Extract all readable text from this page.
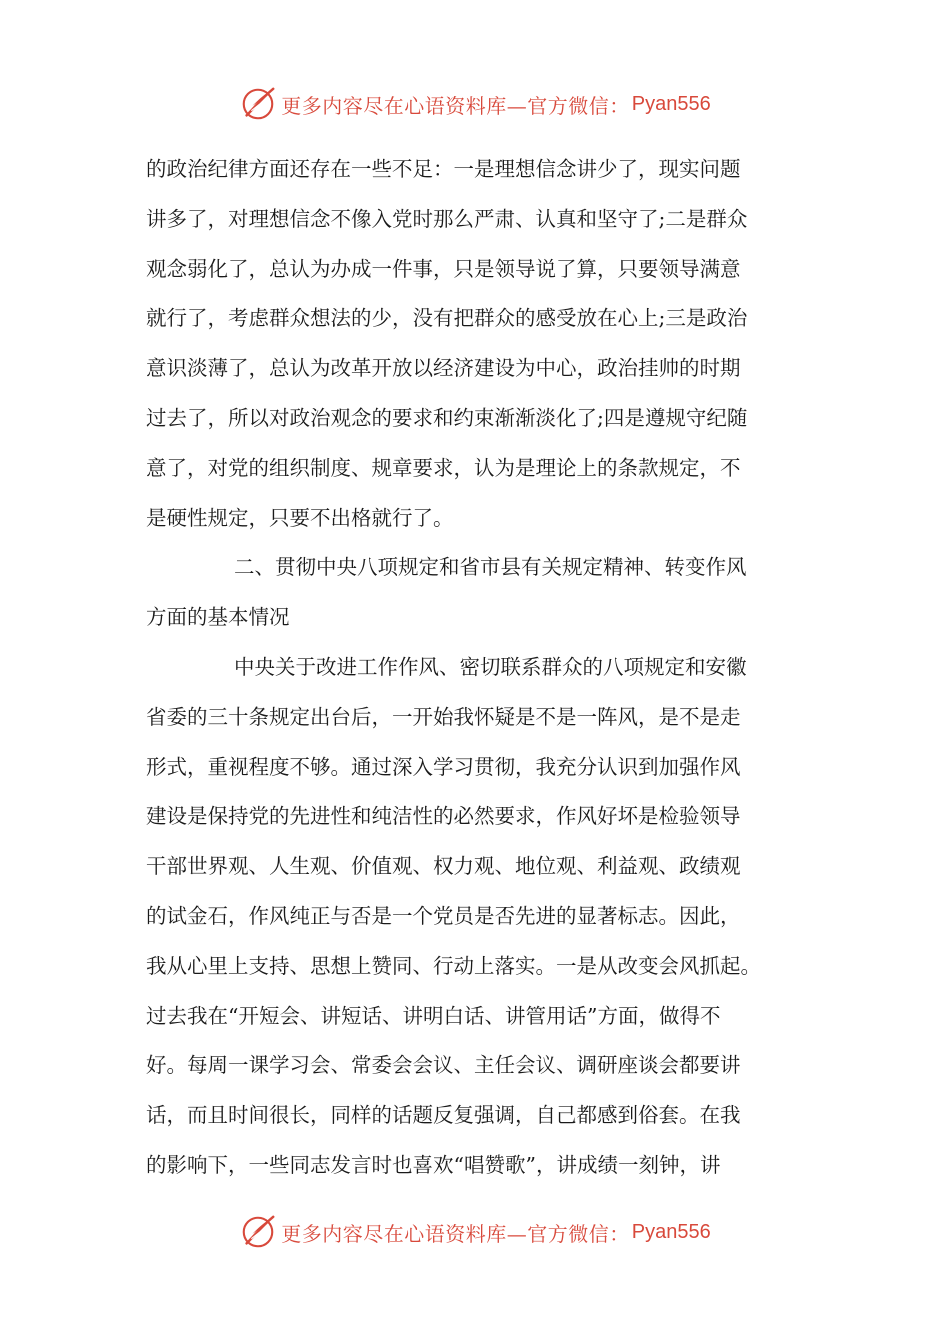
更多内容尽在心语资料库—官方微信： Pyan556
的政治纪律方面还存在一些不足：一是理想信念讲少了，现实问题
讲多了，对理想信念不像入党时那么严肃、认真和坚守了;二是群众
观念弱化了，总认为办成一件事，只是领导说了算，只要领导满意
就行了，考虑群众想法的少，没有把群众的感受放在心上;三是政治
意识淡薄了，总认为改革开放以经济建设为中心，政治挂帅的时期
过去了，所以对政治观念的要求和约束渐渐淡化了;四是遵规守纪随
意了，对党的组织制度、规章要求，认为是理论上的条款规定，不
是硬性规定，只要不出格就行了。
二、贯彻中央八项规定和省市县有关规定精神、转变作风
方面的基本情况
中央关于改进工作作风、密切联系群众的八项规定和安徽
省委的三十条规定出台后，一开始我怀疑是不是一阵风，是不是走
形式，重视程度不够。通过深入学习贯彻，我充分认识到加强作风
建设是保持党的先进性和纯洁性的必然要求，作风好坏是检验领导
干部世界观、人生观、价值观、权力观、地位观、利益观、政绩观
的试金石，作风纯正与否是一个党员是否先进的显著标志。因此，
我从心里上支持、思想上赞同、行动上落实。一是从改变会风抓起。
过去我在“开短会、讲短话、讲明白话、讲管用话”方面，做得不
好。每周一课学习会、常委会会议、主任会议、调研座谈会都要讲
话，而且时间很长，同样的话题反复强调，自己都感到俗套。在我
的影响下，一些同志发言时也喜欢“唱赞歌”，讲成绩一刻钟，讲
更多内容尽在心语资料库—官方微信： Pyan556
